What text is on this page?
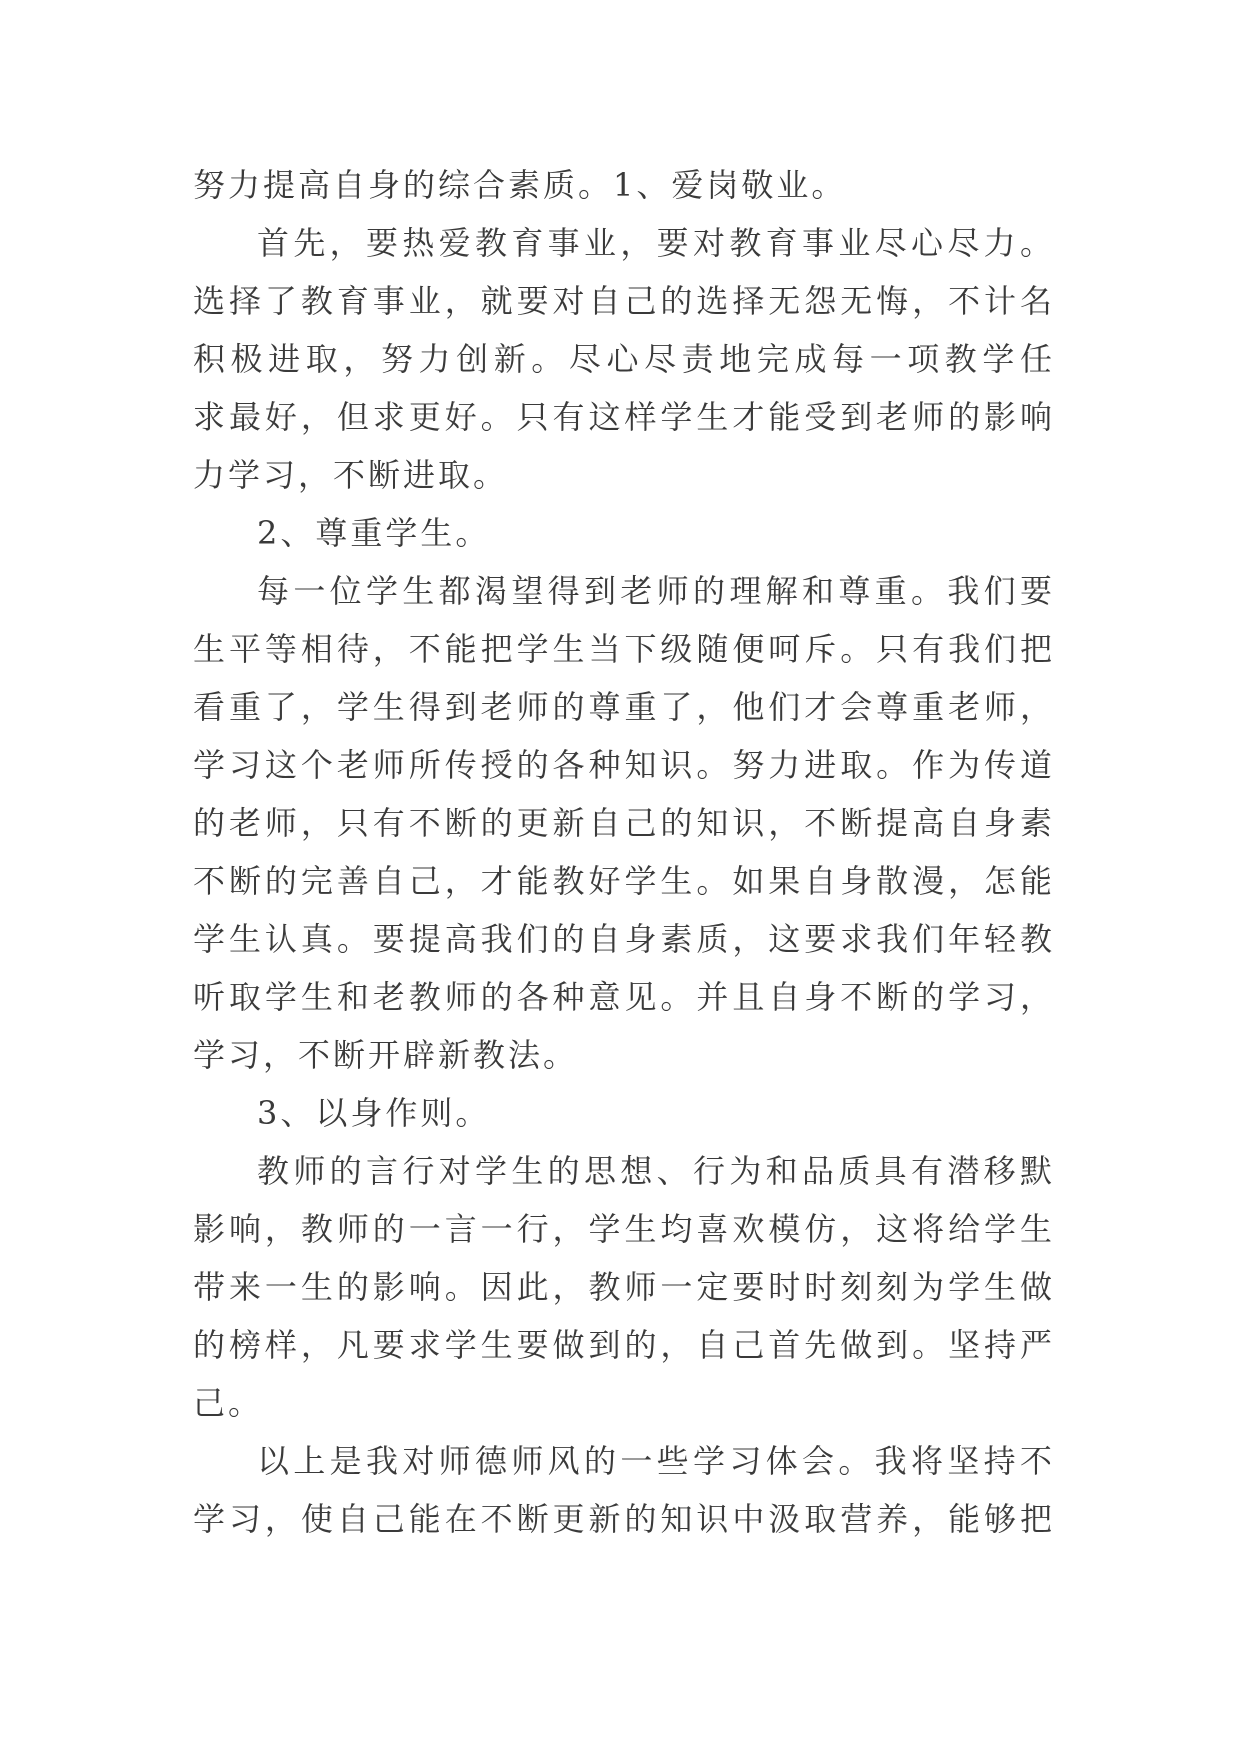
努力提高自身的综合素质。1、爱岗敬业。
首先，要热爱教育事业，要对教育事业尽心尽力。
选择了教育事业，就要对自己的选择无怨无悔，不计名
积极进取，努力创新。尽心尽责地完成每一项教学任
求最好，但求更好。只有这样学生才能受到老师的影响
力学习，不断进取。
2、尊重学生。
每一位学生都渴望得到老师的理解和尊重。我们要
生平等相待，不能把学生当下级随便呵斥。只有我们把
看重了，学生得到老师的尊重了，他们才会尊重老师，
学习这个老师所传授的各种知识。努力进取。作为传道
的老师，只有不断的更新自己的知识，不断提高自身素
不断的完善自己，才能教好学生。如果自身散漫，怎能
学生认真。要提高我们的自身素质，这要求我们年轻教
听取学生和老教师的各种意见。并且自身不断的学习，
学习，不断开辟新教法。
3、以身作则。
教师的言行对学生的思想、行为和品质具有潜移默
影响，教师的一言一行，学生均喜欢模仿，这将给学生
带来一生的影响。因此，教师一定要时时刻刻为学生做
的榜样，凡要求学生要做到的，自己首先做到。坚持严
己。
以上是我对师德师风的一些学习体会。我将坚持不
学习，使自己能在不断更新的知识中汲取营养，能够把
